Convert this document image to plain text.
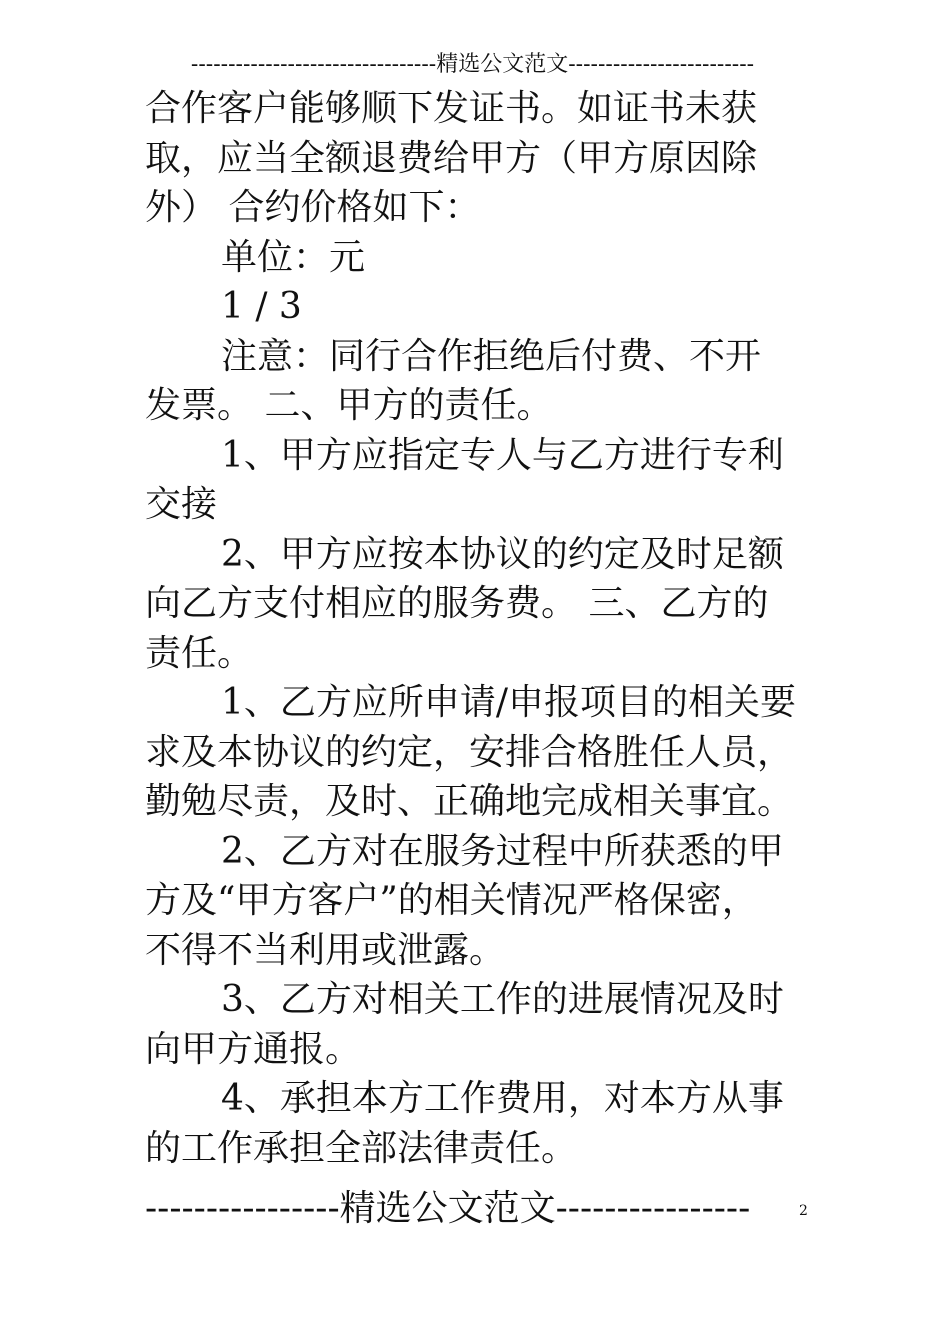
---------------------------------精选公文范文-------------------------
合作客户能够顺下发证书。如证书未获
取，应当全额退费给甲方（甲方原因除
外） 合约价格如下：
单位：元
1 / 3
注意：同行合作拒绝后付费、不开
发票。 二、甲方的责任。
1、甲方应指定专人与乙方进行专利
交接
2、甲方应按本协议的约定及时足额
向乙方支付相应的服务费。 三、乙方的
责任。
1、乙方应所申请/申报项目的相关要
求及本协议的约定，安排合格胜任人员，
勤勉尽责，及时、正确地完成相关事宜。
2、乙方对在服务过程中所获悉的甲
方及“甲方客户”的相关情况严格保密，
不得不当利用或泄露。
3、乙方对相关工作的进展情况及时
向甲方通报。
4、承担本方工作费用，对本方从事
的工作承担全部法律责任。
----------------精选公文范文----------------	2
